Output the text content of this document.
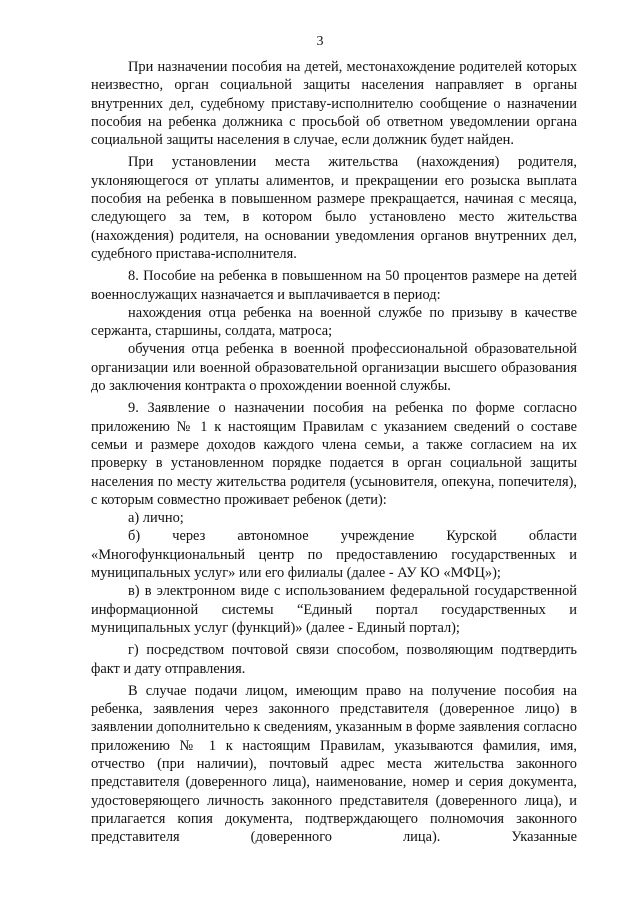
3

При назначении пособия на детей, местонахождение родителей которых неизвестно, орган социальной защиты населения направляет в органы внутренних дел, судебному приставу-исполнителю сообщение о назначении пособия на ребенка должника с просьбой об ответном уведомлении органа социальной защиты населения в случае, если должник будет найден.

При установлении места жительства (нахождения) родителя, уклоняющегося от уплаты алиментов, и прекращении его розыска выплата пособия на ребенка в повышенном размере прекращается, начиная с месяца, следующего за тем, в котором было установлено место жительства (нахождения) родителя, на основании уведомления органов внутренних дел, судебного пристава-исполнителя.

8. Пособие на ребенка в повышенном на 50 процентов размере на детей военнослужащих назначается и выплачивается в период:

нахождения отца ребенка на военной службе по призыву в качестве сержанта, старшины, солдата, матроса;

обучения отца ребенка в военной профессиональной образовательной организации или военной образовательной организации высшего образования до заключения контракта о прохождении военной службы.

9. Заявление о назначении пособия на ребенка по форме согласно приложению № 1 к настоящим Правилам с указанием сведений о составе семьи и размере доходов каждого члена семьи, а также согласием на их проверку в установленном порядке подается в орган социальной защиты населения по месту жительства родителя (усыновителя, опекуна, попечителя), с которым совместно проживает ребенок (дети):

а) лично;

б) через автономное учреждение Курской области «Многофункциональный центр по предоставлению государственных и муниципальных услуг» или его филиалы (далее - АУ КО «МФЦ»);

в) в электронном виде с использованием федеральной государственной информационной системы “Единый портал государственных и муниципальных услуг (функций)» (далее - Единый портал);

г) посредством почтовой связи способом, позволяющим подтвердить факт и дату отправления.

В случае подачи лицом, имеющим право на получение пособия на ребенка, заявления через законного представителя (доверенное лицо) в заявлении дополнительно к сведениям, указанным в форме заявления согласно приложению № 1 к настоящим Правилам, указываются фамилия, имя, отчество (при наличии), почтовый адрес места жительства законного представителя (доверенного лица), наименование, номер и серия документа, удостоверяющего личность законного представителя (доверенного лица), и прилагается копия документа, подтверждающего полномочия законного представителя (доверенного лица). Указанные
